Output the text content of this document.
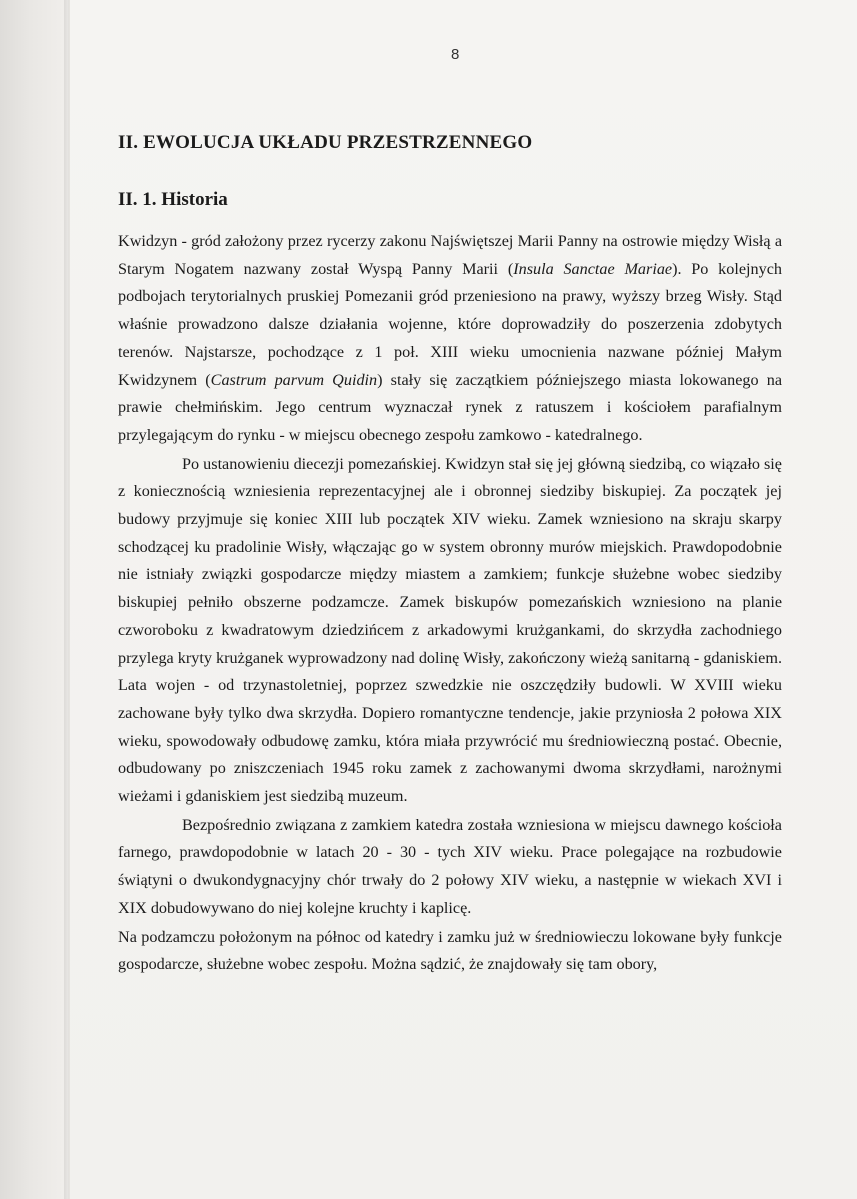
8
II. EWOLUCJA UKŁADU PRZESTRZENNEGO
II. 1. Historia

Kwidzyn - gród założony przez rycerzy zakonu Najświętszej Marii Panny na ostrowie między Wisłą a Starym Nogatem nazwany został Wyspą Panny Marii (Insula Sanctae Mariae). Po kolejnych podbojach terytorialnych pruskiej Pomezanii gród przeniesiono na prawy, wyższy brzeg Wisły. Stąd właśnie prowadzono dalsze działania wojenne, które doprowadziły do poszerzenia zdobytych terenów. Najstarsze, pochodzące z 1 poł. XIII wieku umocnienia nazwane później Małym Kwidzynem (Castrum parvum Quidin) stały się zaczątkiem późniejszego miasta lokowanego na prawie chełmińskim. Jego centrum wyznaczał rynek z ratuszem i kościołem parafialnym przylegającym do rynku - w miejscu obecnego zespołu zamkowo - katedralnego.

Po ustanowieniu diecezji pomezańskiej. Kwidzyn stał się jej główną siedzibą, co wiązało się z koniecznością wzniesienia reprezentacyjnej ale i obronnej siedziby biskupiej. Za początek jej budowy przyjmuje się koniec XIII lub początek XIV wieku. Zamek wzniesiono na skraju skarpy schodzącej ku pradolinie Wisły, włączając go w system obronny murów miejskich. Prawdopodobnie nie istniały związki gospodarcze między miastem a zamkiem; funkcje służebne wobec siedziby biskupiej pełniło obszerne podzamcze. Zamek biskupów pomezańskich wzniesiono na planie czworoboku z kwadratowym dziedzińcem z arkadowymi krużgankami, do skrzydła zachodniego przylega kryty krużganek wyprowadzony nad dolinę Wisły, zakończony wieżą sanitarną - gdaniskiem. Lata wojen - od trzynastoletniej, poprzez szwedzkie nie oszczędziły budowli. W XVIII wieku zachowane były tylko dwa skrzydła. Dopiero romantyczne tendencje, jakie przyniosła 2 połowa XIX wieku, spowodowały odbudowę zamku, która miała przywrócić mu średniowieczną postać. Obecnie, odbudowany po zniszczeniach 1945 roku zamek z zachowanymi dwoma skrzydłami, narożnymi wieżami i gdaniskiem jest siedzibą muzeum.

Bezpośrednio związana z zamkiem katedra została wzniesiona w miejscu dawnego kościoła farnego, prawdopodobnie w latach 20 - 30 - tych XIV wieku. Prace polegające na rozbudowie świątyni o dwukondygnacyjny chór trwały do 2 połowy XIV wieku, a następnie w wiekach XVI i XIX dobudowywano do niej kolejne kruchty i kaplicę.

Na podzamczu położonym na północ od katedry i zamku już w średniowieczu lokowane były funkcje gospodarcze, służebne wobec zespołu. Można sądzić, że znajdowały się tam obory,
